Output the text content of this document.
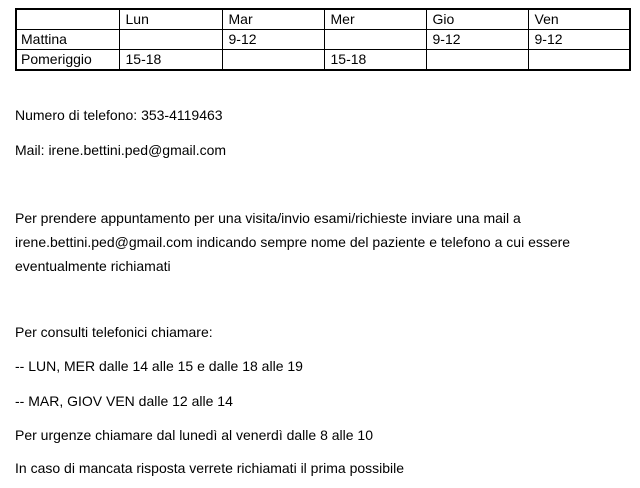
	Lun	Mar	Mer	Gio	Ven
Mattina		9-12		9-12	9-12
Pomeriggio	15-18		15-18		

Numero di telefono: 353-4119463

Mail: irene.bettini.ped@gmail.com

Per prendere appuntamento per una visita/invio esami/richieste inviare una mail a
irene.bettini.ped@gmail.com indicando sempre nome del paziente e telefono a cui essere
eventualmente richiamati

Per consulti telefonici chiamare:

-- LUN, MER dalle 14 alle 15 e dalle 18 alle 19

-- MAR, GIOV VEN dalle 12 alle 14

Per urgenze chiamare dal lunedì al venerdì dalle 8 alle 10

In caso di mancata risposta verrete richiamati il prima possibile
